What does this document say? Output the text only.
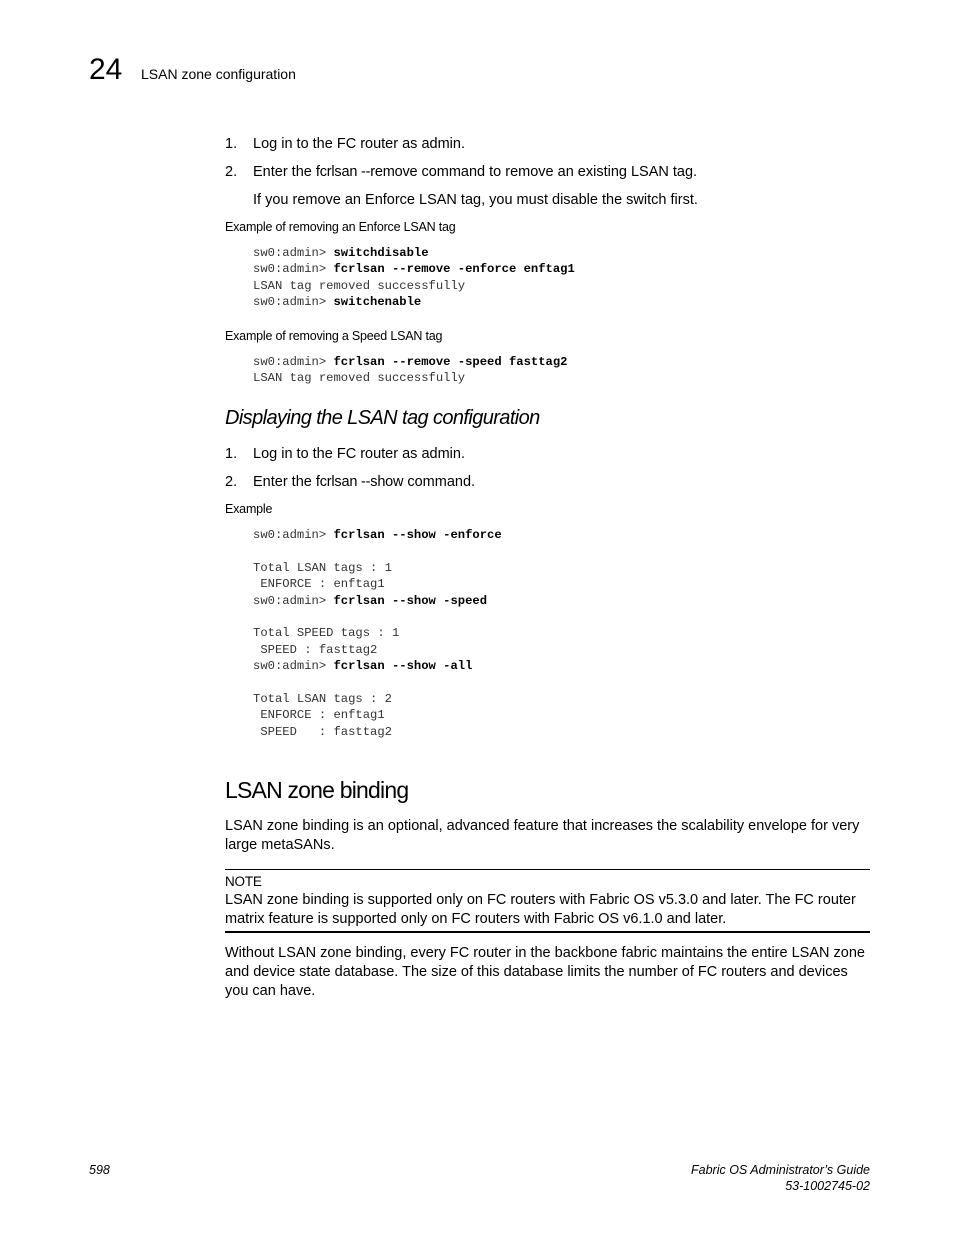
24 LSAN zone configuration
1. Log in to the FC router as admin.
2. Enter the fcrlsan --remove command to remove an existing LSAN tag.
If you remove an Enforce LSAN tag, you must disable the switch first.
Example of removing an Enforce LSAN tag
sw0:admin> switchdisable
sw0:admin> fcrlsan --remove -enforce enftag1
LSAN tag removed successfully
sw0:admin> switchenable
Example of removing a Speed LSAN tag
sw0:admin> fcrlsan --remove -speed fasttag2
LSAN tag removed successfully
Displaying the LSAN tag configuration
1. Log in to the FC router as admin.
2. Enter the fcrlsan --show command.
Example
sw0:admin> fcrlsan --show -enforce

Total LSAN tags : 1
ENFORCE : enftag1
sw0:admin> fcrlsan --show -speed

Total SPEED tags : 1
SPEED : fasttag2
sw0:admin> fcrlsan --show -all

Total LSAN tags : 2
ENFORCE : enftag1
SPEED   : fasttag2
LSAN zone binding
LSAN zone binding is an optional, advanced feature that increases the scalability envelope for very large metaSANs.
NOTE
LSAN zone binding is supported only on FC routers with Fabric OS v5.3.0 and later. The FC router matrix feature is supported only on FC routers with Fabric OS v6.1.0 and later.
Without LSAN zone binding, every FC router in the backbone fabric maintains the entire LSAN zone and device state database. The size of this database limits the number of FC routers and devices you can have.
598	Fabric OS Administrator’s Guide
53-1002745-02
